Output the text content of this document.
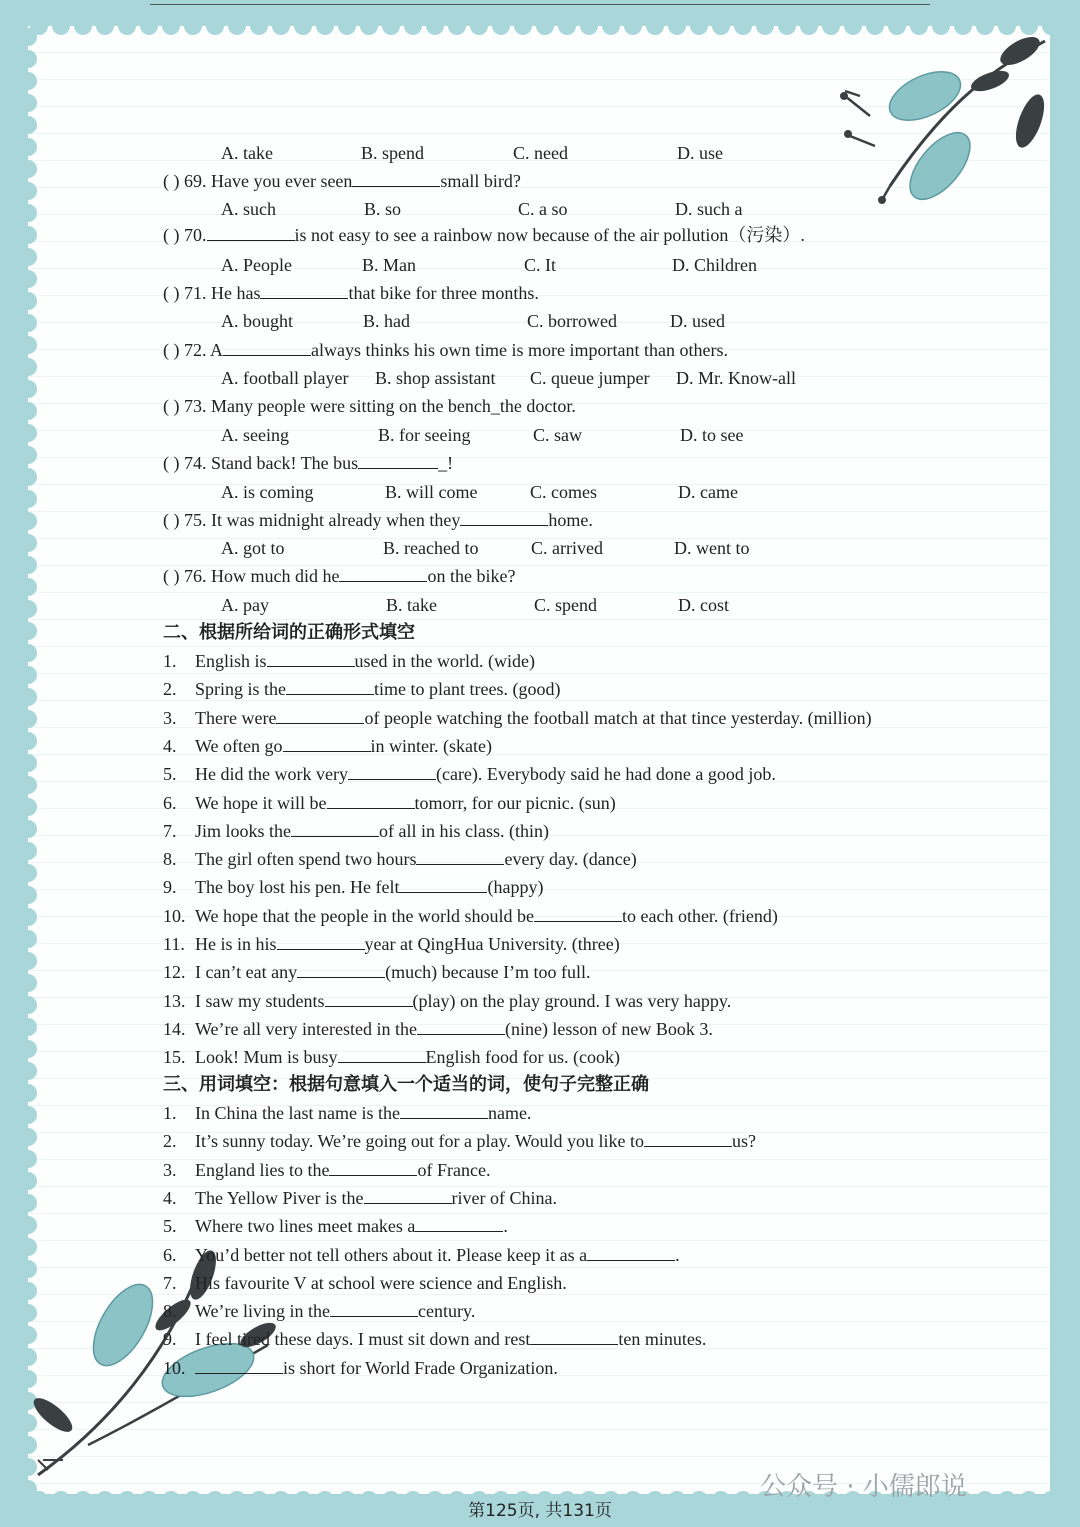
A. take	B. spend	C. need	D. use
( ) 69. Have you ever seen	small bird?
A. such	B. so	C. a so	D. such a
( ) 70.	is not easy to see a rainbow now because of the air pollution（污染）.
A. People	B. Man	C. It	D. Children
( ) 71. He has	that bike for three months.
A. bought	B. had	C. borrowed	D. used
( ) 72. A	always thinks his own time is more important than others.
A. football player B. shop assistant C. queue jumper D. Mr. Know-all
( ) 73. Many people were sitting on the bench_the doctor.
A. seeing	B. for seeing	C. saw	D. to see
( ) 74. Stand back! The bus	_!
A. is coming	B. will come	C. comes	D. came
( ) 75. It was midnight already when they	home.
A. got to	B. reached to	C. arrived	D. went to
( ) 76. How much did he	on the bike?
A. pay	B. take	C. spend	D. cost
二、根据所给词的正确形式填空
1. English is	used in the world. (wide)
2. Spring is the	time to plant trees. (good)
3. There were	of people watching the football match at that tince yesterday. (million)
4. We often go	in winter. (skate)
5. He did the work very	(care). Everybody said he had done a good job.
6. We hope it will be	tomorr, for our picnic. (sun)
7. Jim looks the	of all in his class. (thin)
8. The girl often spend two hours	every day. (dance)
9. The boy lost his pen. He felt	(happy)
10. We hope that the people in the world should be	to each other. (friend)
11. He is in his	year at QingHua University. (three)
12. I can’t eat any	(much) because I’m too full.
13. I saw my students	(play) on the play ground. I was very happy.
14. We’re all very interested in the	(nine) lesson of new Book 3.
15. Look! Mum is busy	English food for us. (cook)
三、用词填空：根据句意填入一个适当的词，使句子完整正确
1. In China the last name is the	name.
2. It’s sunny today. We’re going out for a play. Would you like to	us?
3. England lies to the	of France.
4. The Yellow Piver is the	river of China.
5. Where two lines meet makes a	.
6. You’d better not tell others about it. Please keep it as a	.
7. His favourite V at school were science and English.
8. We’re living in the	century.
9. I feel tired these days. I must sit down and rest	ten minutes.
10.	is short for World Frade Organization.
公众号 · 小儒郎说
第125页, 共131页
